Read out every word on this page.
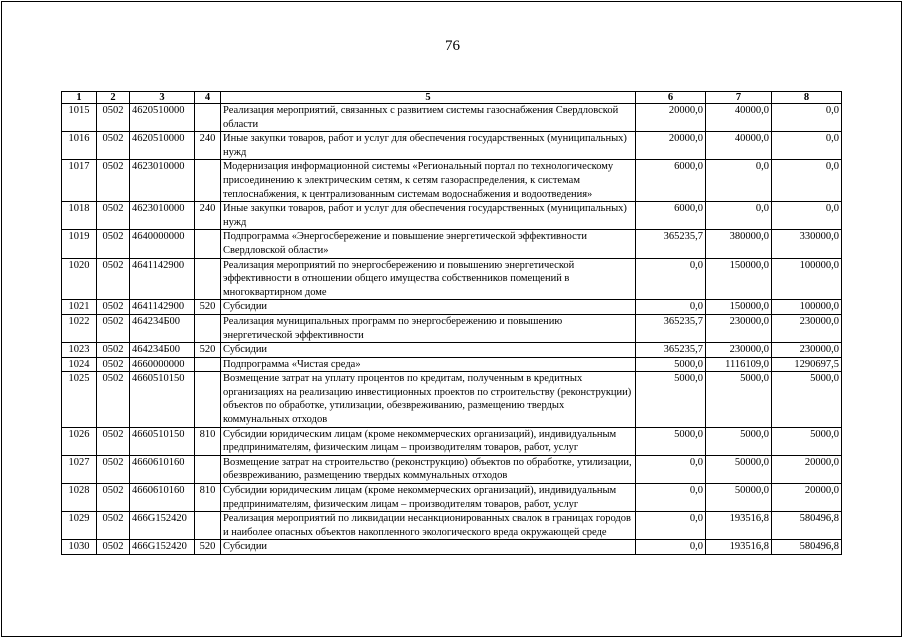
76
1	2	3	4	5	6	7	8
1015	0502	4620510000		Реализация мероприятий, связанных с развитием системы газоснабжения Свердловской области	20000,0	40000,0	0,0
1016	0502	4620510000	240	Иные закупки товаров, работ и услуг для обеспечения государственных (муниципальных) нужд	20000,0	40000,0	0,0
1017	0502	4623010000		Модернизация информационной системы «Региональный портал по технологическому присоединению к электрическим сетям, к сетям газораспределения, к системам теплоснабжения, к централизованным системам водоснабжения и водоотведения»	6000,0	0,0	0,0
1018	0502	4623010000	240	Иные закупки товаров, работ и услуг для обеспечения государственных (муниципальных) нужд	6000,0	0,0	0,0
1019	0502	4640000000		Подпрограмма «Энергосбережение и повышение энергетической эффективности Свердловской области»	365235,7	380000,0	330000,0
1020	0502	4641142900		Реализация мероприятий по энергосбережению и повышению энергетической эффективности в отношении общего имущества собственников помещений в многоквартирном доме	0,0	150000,0	100000,0
1021	0502	4641142900	520	Субсидии	0,0	150000,0	100000,0
1022	0502	464234Б00		Реализация муниципальных программ по энергосбережению и повышению энергетической эффективности	365235,7	230000,0	230000,0
1023	0502	464234Б00	520	Субсидии	365235,7	230000,0	230000,0
1024	0502	4660000000		Подпрограмма «Чистая среда»	5000,0	1116109,0	1290697,5
1025	0502	4660510150		Возмещение затрат на уплату процентов по кредитам, полученным в кредитных организациях на реализацию инвестиционных проектов по строительству (реконструкции) объектов по обработке, утилизации, обезвреживанию, размещению твердых коммунальных отходов	5000,0	5000,0	5000,0
1026	0502	4660510150	810	Субсидии юридическим лицам (кроме некоммерческих организаций), индивидуальным предпринимателям, физическим лицам – производителям товаров, работ, услуг	5000,0	5000,0	5000,0
1027	0502	4660610160		Возмещение затрат на строительство (реконструкцию) объектов по обработке, утилизации, обезвреживанию, размещению твердых коммунальных отходов	0,0	50000,0	20000,0
1028	0502	4660610160	810	Субсидии юридическим лицам (кроме некоммерческих организаций), индивидуальным предпринимателям, физическим лицам – производителям товаров, работ, услуг	0,0	50000,0	20000,0
1029	0502	466G152420		Реализация мероприятий по ликвидации несанкционированных свалок в границах городов и наиболее опасных объектов накопленного экологического вреда окружающей среде	0,0	193516,8	580496,8
1030	0502	466G152420	520	Субсидии	0,0	193516,8	580496,8
